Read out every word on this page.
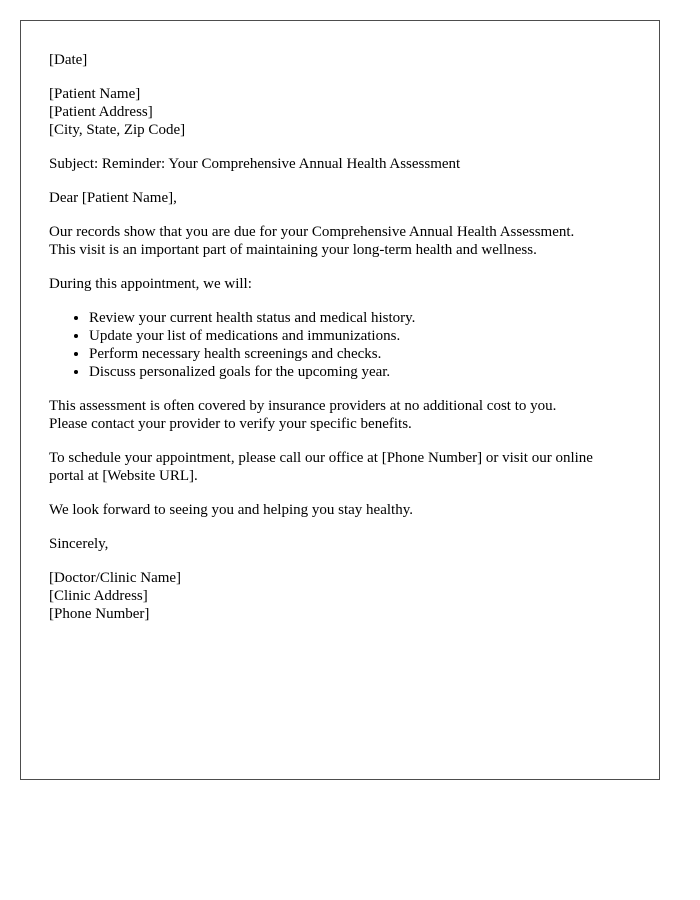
[Date]

[Patient Name]
[Patient Address]
[City, State, Zip Code]

Subject: Reminder: Your Comprehensive Annual Health Assessment

Dear [Patient Name],

Our records show that you are due for your Comprehensive Annual Health Assessment.
This visit is an important part of maintaining your long-term health and wellness.

During this appointment, we will:

• Review your current health status and medical history.
• Update your list of medications and immunizations.
• Perform necessary health screenings and checks.
• Discuss personalized goals for the upcoming year.

This assessment is often covered by insurance providers at no additional cost to you.
Please contact your provider to verify your specific benefits.

To schedule your appointment, please call our office at [Phone Number] or visit our online
portal at [Website URL].

We look forward to seeing you and helping you stay healthy.

Sincerely,

[Doctor/Clinic Name]
[Clinic Address]
[Phone Number]
